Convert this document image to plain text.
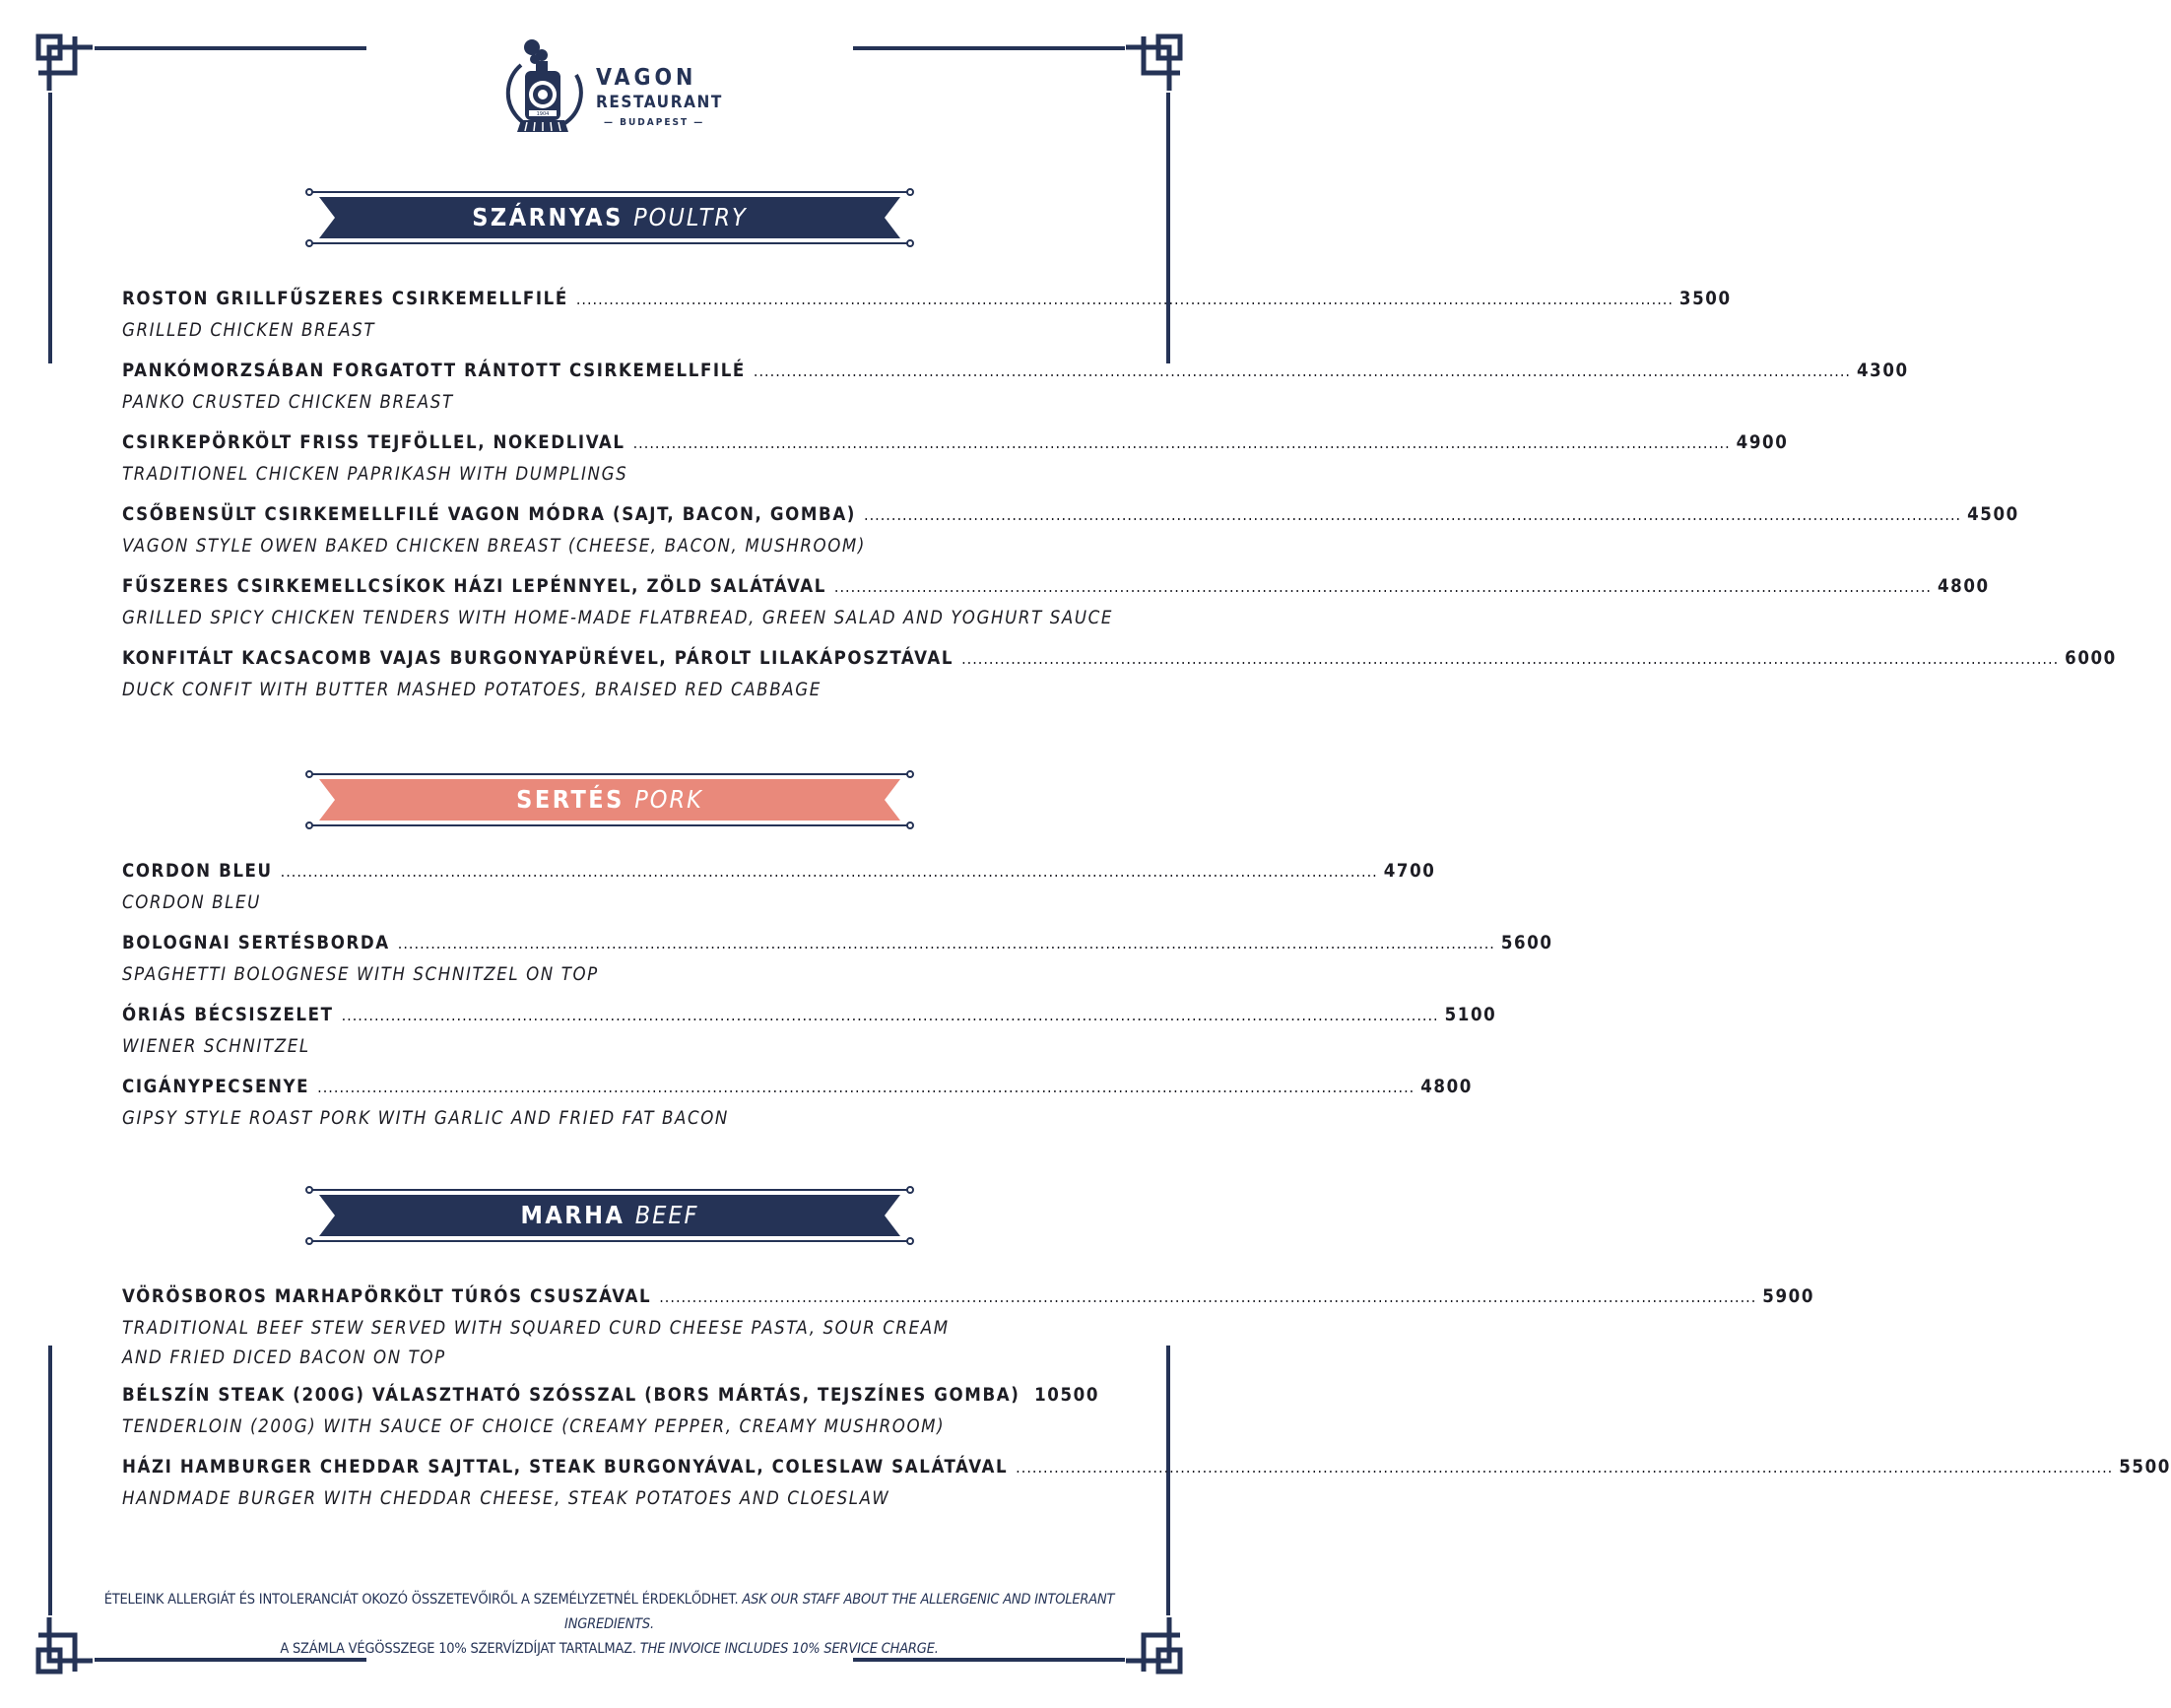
1904
VAGON
RESTAURANT
— BUDAPEST —
SZÁRNYAS POULTRY
SERTÉS PORK
MARHA BEEF
ROSTON GRILLFŰSZERES CSIRKEMELLFILÉ ........................................................................................................................................................................................................ 3500
GRILLED CHICKEN BREAST
PANKÓMORZSÁBAN FORGATOTT RÁNTOTT CSIRKEMELLFILÉ ........................................................................................................................................................................................................ 4300
PANKO CRUSTED CHICKEN BREAST
CSIRKEPÖRKÖLT FRISS TEJFÖLLEL, NOKEDLIVAL ........................................................................................................................................................................................................ 4900
TRADITIONEL CHICKEN PAPRIKASH WITH DUMPLINGS
CSŐBENSÜLT CSIRKEMELLFILÉ VAGON MÓDRA (SAJT, BACON, GOMBA) ........................................................................................................................................................................................................ 4500
VAGON STYLE OWEN BAKED CHICKEN BREAST (CHEESE, BACON, MUSHROOM)
FŰSZERES CSIRKEMELLCSÍKOK HÁZI LEPÉNNYEL, ZÖLD SALÁTÁVAL ........................................................................................................................................................................................................ 4800
GRILLED SPICY CHICKEN TENDERS WITH HOME-MADE FLATBREAD, GREEN SALAD AND YOGHURT SAUCE
KONFITÁLT KACSACOMB VAJAS BURGONYAPÜRÉVEL, PÁROLT LILAKÁPOSZTÁVAL ........................................................................................................................................................................................................ 6000
DUCK CONFIT WITH BUTTER MASHED POTATOES, BRAISED RED CABBAGE
CORDON BLEU ........................................................................................................................................................................................................ 4700
CORDON BLEU
BOLOGNAI SERTÉSBORDA ........................................................................................................................................................................................................ 5600
SPAGHETTI BOLOGNESE WITH SCHNITZEL ON TOP
ÓRIÁS BÉCSISZELET ........................................................................................................................................................................................................ 5100
WIENER SCHNITZEL
CIGÁNYPECSENYE ........................................................................................................................................................................................................ 4800
GIPSY STYLE ROAST PORK WITH GARLIC AND FRIED FAT BACON
VÖRÖSBOROS MARHAPÖRKÖLT TÚRÓS CSUSZÁVAL ........................................................................................................................................................................................................ 5900
TRADITIONAL BEEF STEW SERVED WITH SQUARED CURD CHEESE PASTA, SOUR CREAM
AND FRIED DICED BACON ON TOP
BÉLSZÍN STEAK (200G) VÁLASZTHATÓ SZÓSSZAL (BORS MÁRTÁS, TEJSZÍNES GOMBA) 10500
TENDERLOIN (200G) WITH SAUCE OF CHOICE (CREAMY PEPPER, CREAMY MUSHROOM)
HÁZI HAMBURGER CHEDDAR SAJTTAL, STEAK BURGONYÁVAL, COLESLAW SALÁTÁVAL ........................................................................................................................................................................................................ 5500
HANDMADE BURGER WITH CHEDDAR CHEESE, STEAK POTATOES AND CLOESLAW
ÉTELEINK ALLERGIÁT ÉS INTOLERANCIÁT OKOZÓ ÖSSZETEVŐIRŐL A SZEMÉLYZETNÉL ÉRDEKLŐDHET. ASK OUR STAFF ABOUT THE ALLERGENIC AND INTOLERANT INGREDIENTS.
A SZÁMLA VÉGÖSSZEGE 10% SZERVÍZDÍJAT TARTALMAZ. THE INVOICE INCLUDES 10% SERVICE CHARGE.
